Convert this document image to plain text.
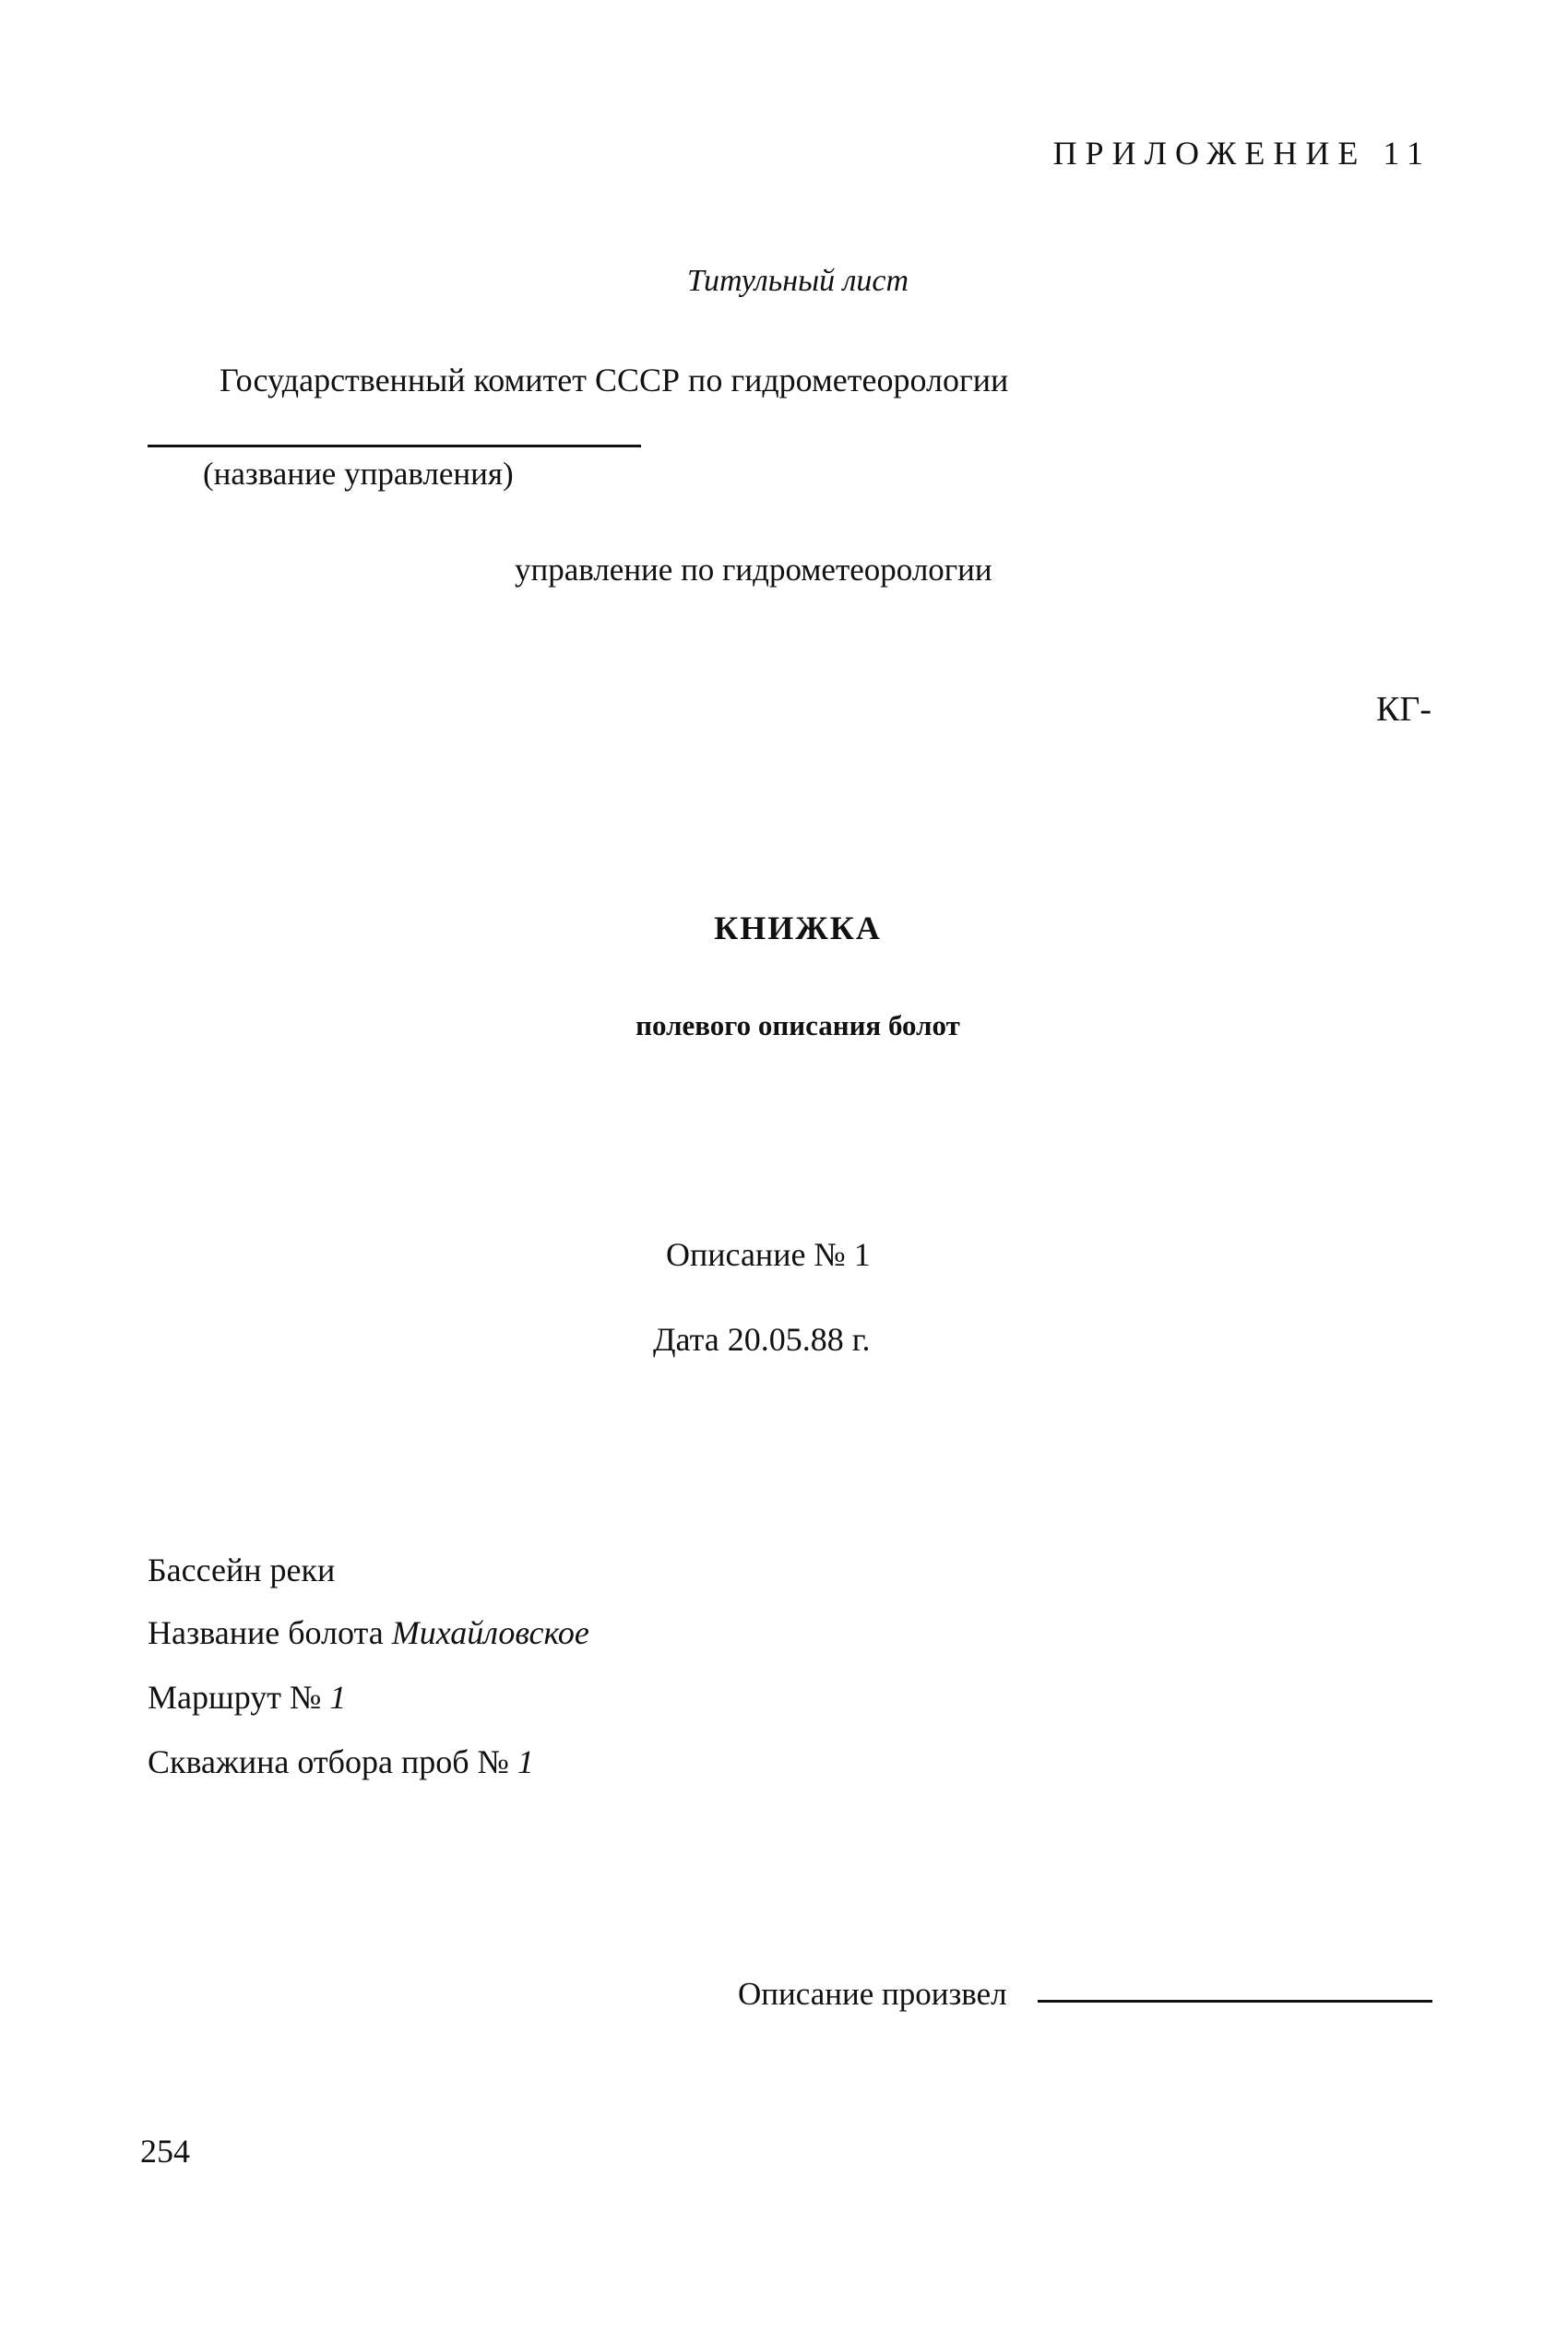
ПРИЛОЖЕНИЕ 11
Титульный лист
Государственный комитет СССР по гидрометеорологии
(название управления)
управление по гидрометеорологии
КГ-
КНИЖКА
полевого описания болот
Описание № 1
Дата 20.05.88 г.
Бассейн реки
Название болота Михайловское
Маршрут № 1
Скважина отбора проб № 1
Описание произвел
254
